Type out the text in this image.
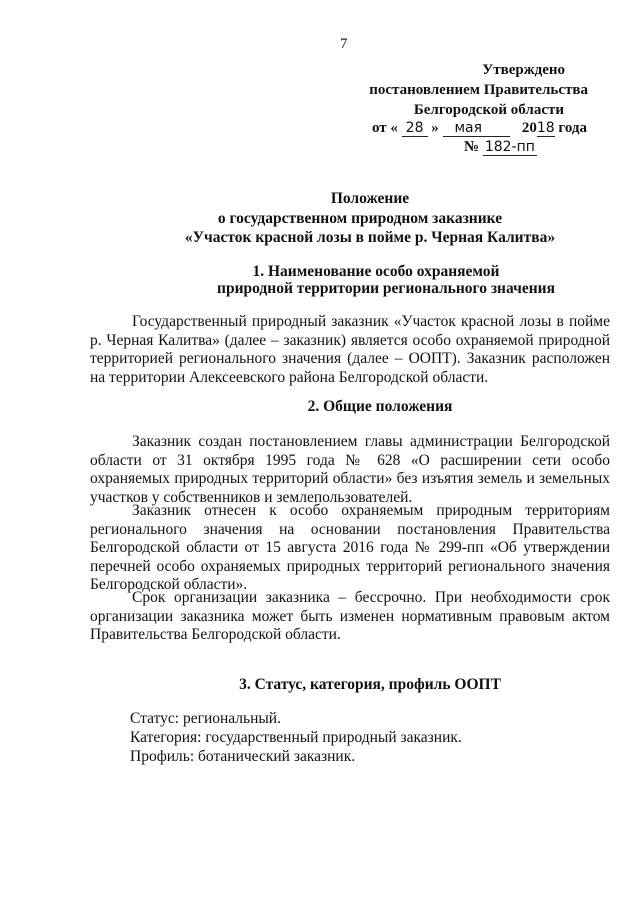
7
Утверждено
постановлением Правительства
Белгородской области
от « 28 » мая	2018 года
№ 182-пп
Положение
о государственном природном заказнике
«Участок красной лозы в пойме р. Черная Калитва»
1. Наименование особо охраняемой
природной территории регионального значения
Государственный природный заказник «Участок красной лозы в пойме р. Черная Калитва» (далее – заказник) является особо охраняемой природной территорией регионального значения (далее – ООПТ). Заказник расположен на территории Алексеевского района Белгородской области.
2. Общие положения
Заказник создан постановлением главы администрации Белгородской области от 31 октября 1995 года № 628 «О расширении сети особо охраняемых природных территорий области» без изъятия земель и земельных участков у собственников и землепользователей.
Заказник отнесен к особо охраняемым природным территориям регионального значения на основании постановления Правительства Белгородской области от 15 августа 2016 года № 299-пп «Об утверждении перечней особо охраняемых природных территорий регионального значения Белгородской области».
Срок организации заказника – бессрочно. При необходимости срок организации заказника может быть изменен нормативным правовым актом Правительства Белгородской области.
3. Статус, категория, профиль ООПТ
Статус: региональный.
Категория: государственный природный заказник.
Профиль: ботанический заказник.
